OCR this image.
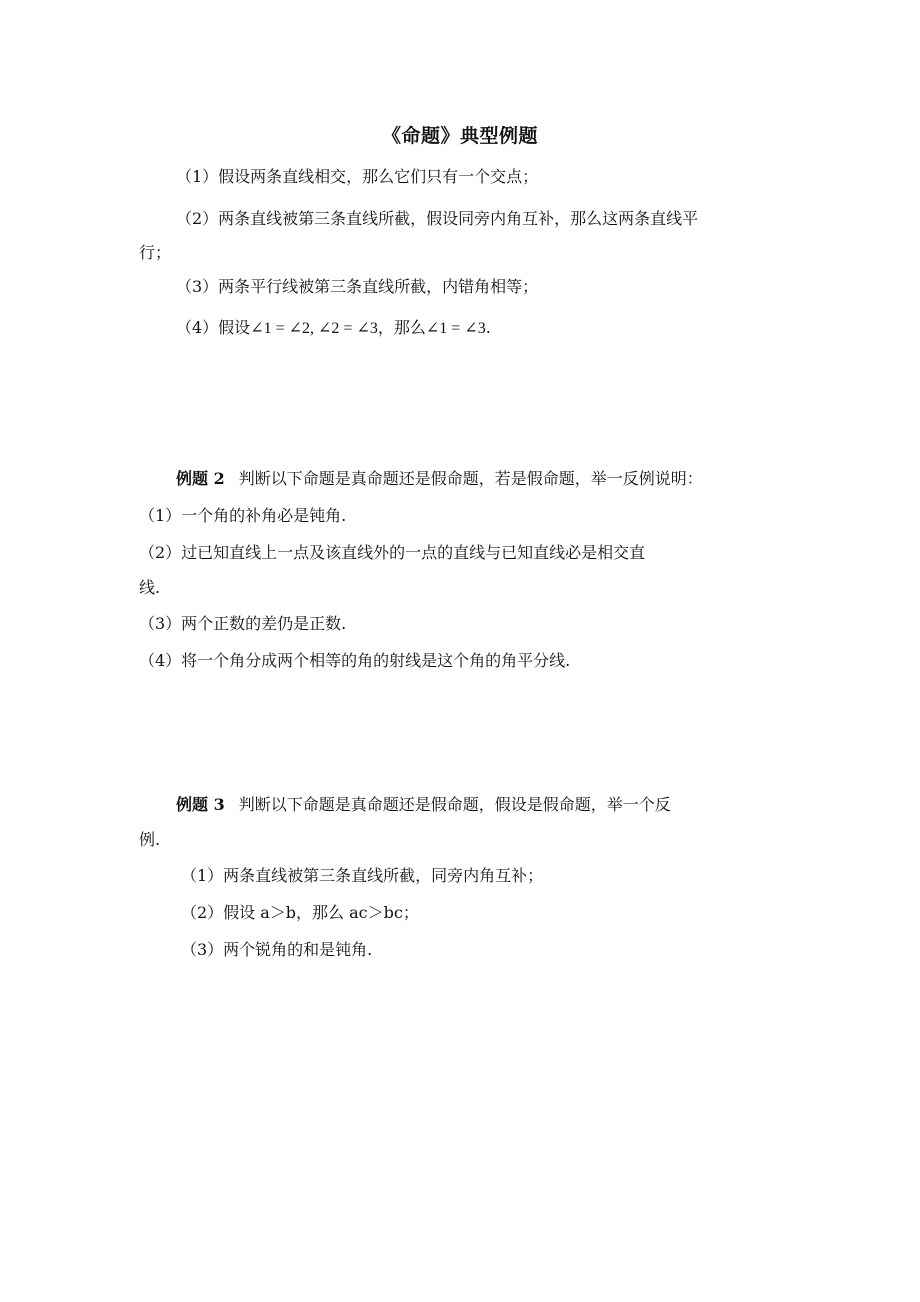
《命题》典型例题
（1）假设两条直线相交，那么它们只有一个交点；
（2）两条直线被第三条直线所截，假设同旁内角互补，那么这两条直线平
行；
（3）两条平行线被第三条直线所截，内错角相等；
（4）假设∠1 = ∠2, ∠2 = ∠3，那么∠1 = ∠3.
例题 2 判断以下命题是真命题还是假命题，若是假命题，举一反例说明：
（1）一个角的补角必是钝角.
（2）过已知直线上一点及该直线外的一点的直线与已知直线必是相交直
线.
（3）两个正数的差仍是正数.
（4）将一个角分成两个相等的角的射线是这个角的角平分线.
例题 3 判断以下命题是真命题还是假命题，假设是假命题，举一个反
例.
（1）两条直线被第三条直线所截，同旁内角互补；
（2）假设 a＞b，那么 ac＞bc；
（3）两个锐角的和是钝角.
